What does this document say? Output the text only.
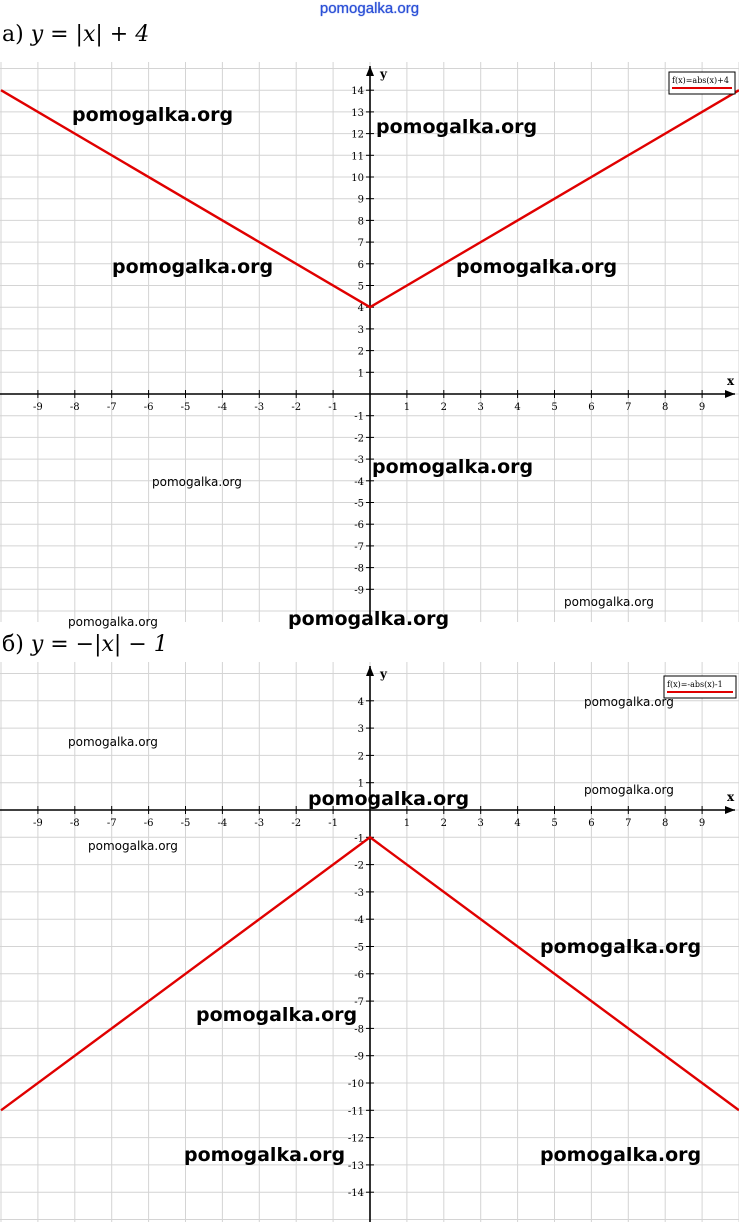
pomogalka.org
а) y = |x| + 4
x
y
-9	-8	-7	-6	-5	-4	-3	-2	-1	1	2	3	4	5	6	7	8	9
14
13
12
11
10
9
8
7
6
5
4
3
2
1
-1
-2
-3
-4
-5
-6
-7
-8
-9
f(x)=abs(x)+4
б) y = −|x| − 1
x
y
-9	-8	-7	-6	-5	-4	-3	-2	-1	1	2	3	4	5	6	7	8	9
4
3
2
1
-1
-2
-3
-4
-5
-6
-7
-8
-9
-10
-11
-12
-13
-14
f(x)=-abs(x)-1
pomogalka.org
pomogalka.org
pomogalka.org	pomogalka.org
pomogalka.org
pomogalka.org
pomogalka.org	pomogalka.org
pomogalka.org
pomogalka.org
pomogalka.org
pomogalka.org
pomogalka.org
pomogalka.org
pomogalka.org
pomogalka.org
pomogalka.org	pomogalka.org
